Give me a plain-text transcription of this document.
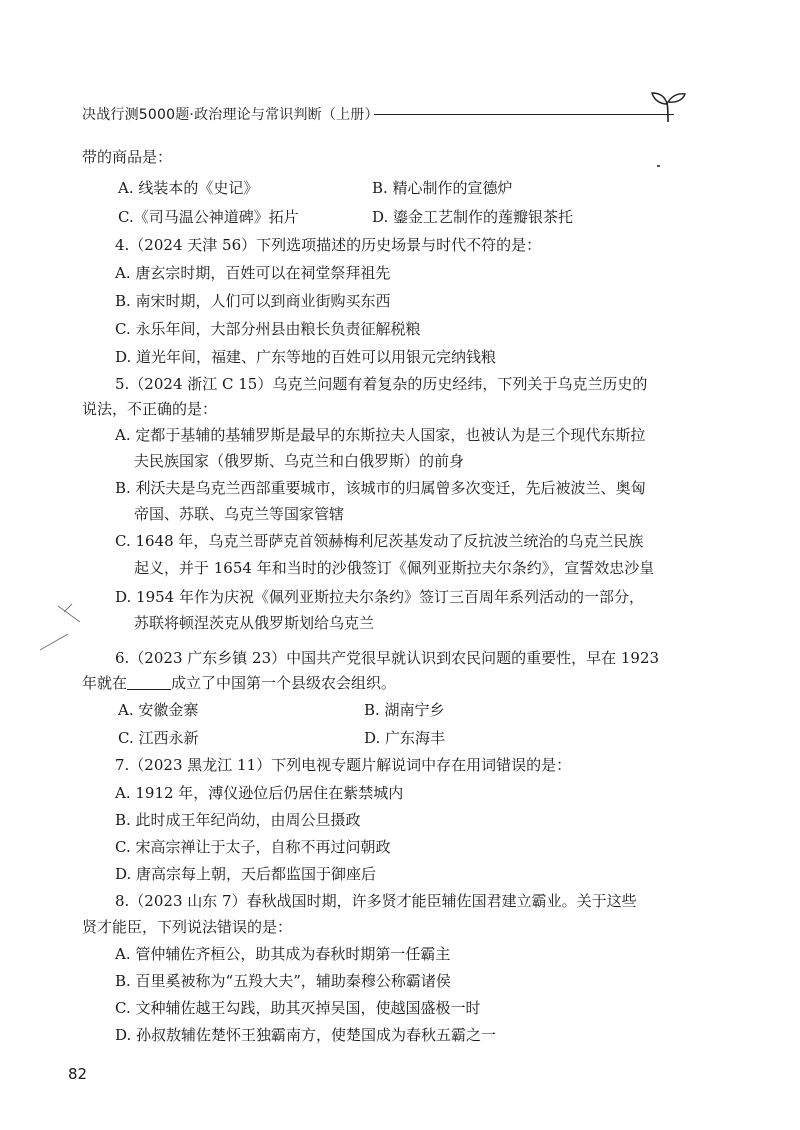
决战行测5000题·政治理论与常识判断（上册）
带的商品是：
A. 线装本的《史记》	B. 精心制作的宣德炉
C.《司马温公神道碑》拓片	D. 鎏金工艺制作的莲瓣银茶托
4.（2024 天津 56）下列选项描述的历史场景与时代不符的是：
A. 唐玄宗时期，百姓可以在祠堂祭拜祖先
B. 南宋时期，人们可以到商业街购买东西
C. 永乐年间，大部分州县由粮长负责征解税粮
D. 道光年间，福建、广东等地的百姓可以用银元完纳钱粮
5.（2024 浙江 C 15）乌克兰问题有着复杂的历史经纬，下列关于乌克兰历史的
说法，不正确的是：
A. 定都于基辅的基辅罗斯是最早的东斯拉夫人国家，也被认为是三个现代东斯拉
夫民族国家（俄罗斯、乌克兰和白俄罗斯）的前身
B. 利沃夫是乌克兰西部重要城市，该城市的归属曾多次变迁，先后被波兰、奥匈
帝国、苏联、乌克兰等国家管辖
C. 1648 年，乌克兰哥萨克首领赫梅利尼茨基发动了反抗波兰统治的乌克兰民族
起义，并于 1654 年和当时的沙俄签订《佩列亚斯拉夫尔条约》，宣誓效忠沙皇
D. 1954 年作为庆祝《佩列亚斯拉夫尔条约》签订三百周年系列活动的一部分，
苏联将顿涅茨克从俄罗斯划给乌克兰
6.（2023 广东乡镇 23）中国共产党很早就认识到农民问题的重要性，早在 1923
年就在	成立了中国第一个县级农会组织。
A. 安徽金寨	B. 湖南宁乡
C. 江西永新	D. 广东海丰
7.（2023 黑龙江 11）下列电视专题片解说词中存在用词错误的是：
A. 1912 年，溥仪逊位后仍居住在紫禁城内
B. 此时成王年纪尚幼，由周公旦摄政
C. 宋高宗禅让于太子，自称不再过问朝政
D. 唐高宗每上朝，天后都监国于御座后
8.（2023 山东 7）春秋战国时期，许多贤才能臣辅佐国君建立霸业。关于这些
贤才能臣，下列说法错误的是：
A. 管仲辅佐齐桓公，助其成为春秋时期第一任霸主
B. 百里奚被称为“五羖大夫”，辅助秦穆公称霸诸侯
C. 文种辅佐越王勾践，助其灭掉吴国，使越国盛极一时
D. 孙叔敖辅佐楚怀王独霸南方，使楚国成为春秋五霸之一
82
